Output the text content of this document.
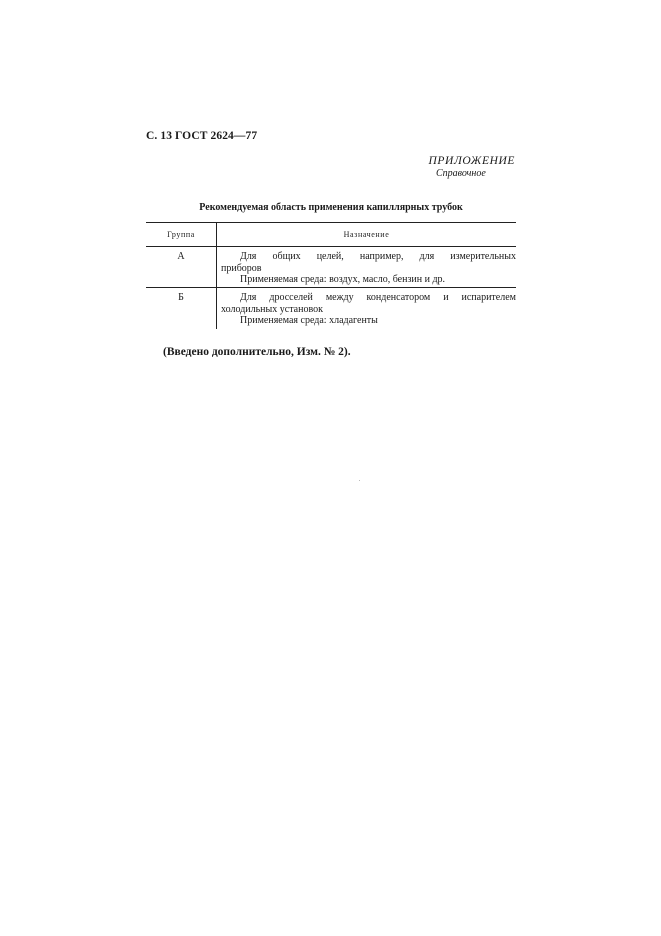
С. 13 ГОСТ 2624—77
ПРИЛОЖЕНИЕ
Справочное
Рекомендуемая область применения капиллярных трубок
Группа	Назначение
А	Для общих целей, например, для измерительных
приборов
Применяемая среда: воздух, масло, бензин и др.

Б	Для дросселей между конденсатором и испарителем
холодильных установок
Применяемая среда: хладагенты
(Введено дополнительно, Изм. № 2).
